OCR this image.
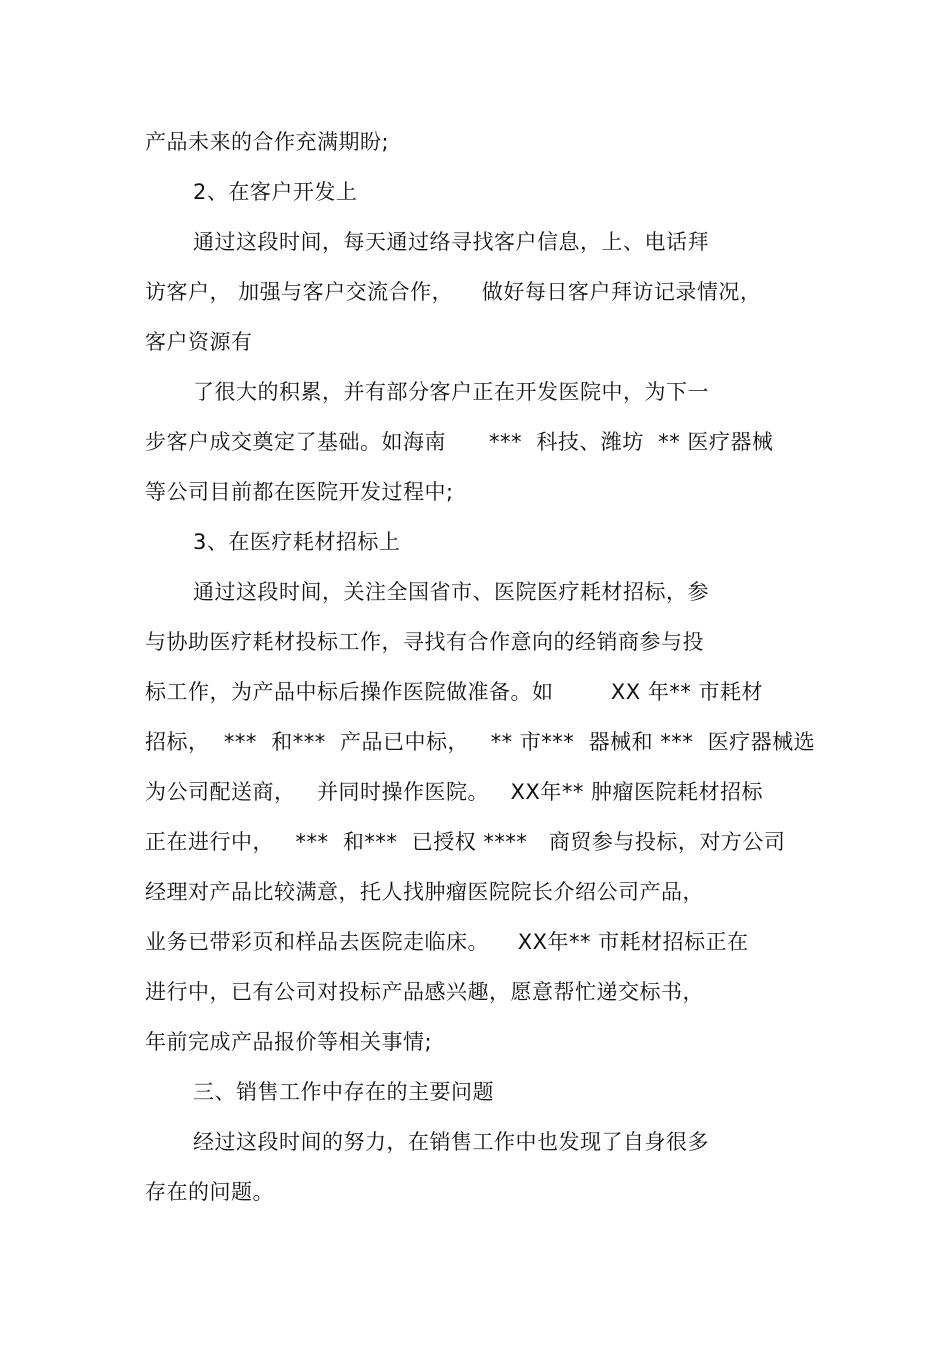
产品未来的合作充满期盼;
2、在客户开发上
通过这段时间，每天通过络寻找客户信息，上、电话拜
访客户， 加强与客户交流合作，    做好每日客户拜访记录情况，
客户资源有
了很大的积累，并有部分客户正在开发医院中，为下一
步客户成交奠定了基础。如海南      ***  科技、潍坊  ** 医疗器械
等公司目前都在医院开发过程中;
3、在医疗耗材招标上
通过这段时间，关注全国省市、医院医疗耗材招标，参
与协助医疗耗材投标工作，寻找有合作意向的经销商参与投
标工作，为产品中标后操作医院做准备。如        XX 年** 市耗材
招标，  ***  和***  产品已中标，   ** 市***  器械和 ***  医疗器械选
为公司配送商，   并同时操作医院。   XX年** 肿瘤医院耗材招标
正在进行中，   ***  和***  已授权 ****   商贸参与投标，对方公司
经理对产品比较满意，托人找肿瘤医院院长介绍公司产品，
业务已带彩页和样品去医院走临床。    XX年** 市耗材招标正在
进行中，已有公司对投标产品感兴趣，愿意帮忙递交标书，
年前完成产品报价等相关事情;
三、销售工作中存在的主要问题
经过这段时间的努力，在销售工作中也发现了自身很多
存在的问题。
